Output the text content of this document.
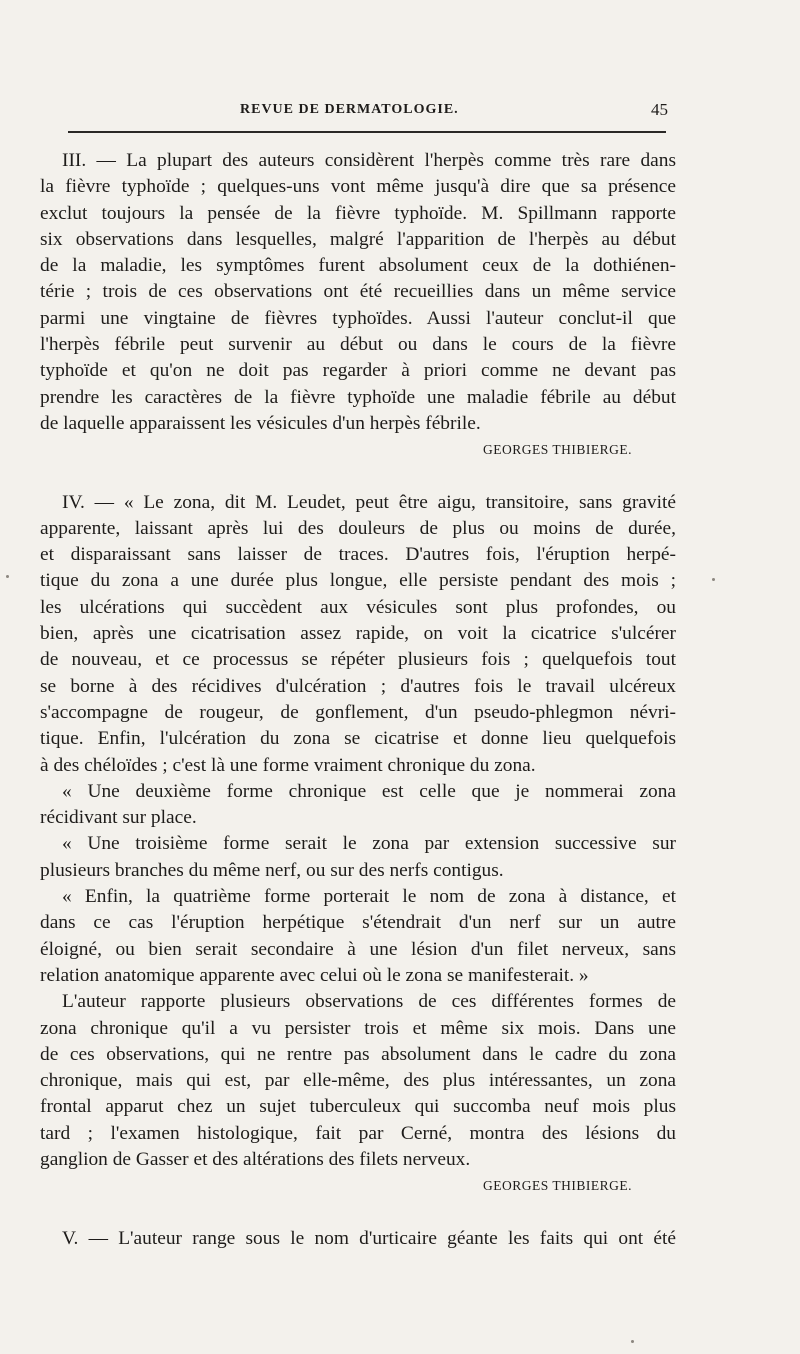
REVUE DE DERMATOLOGIE.	45
III. — La plupart des auteurs considèrent l'herpès comme très rare dans
la fièvre typhoïde ; quelques-uns vont même jusqu'à dire que sa présence
exclut toujours la pensée de la fièvre typhoïde. M. Spillmann rapporte
six observations dans lesquelles, malgré l'apparition de l'herpès au début
de la maladie, les symptômes furent absolument ceux de la dothiénen-
térie ; trois de ces observations ont été recueillies dans un même service
parmi une vingtaine de fièvres typhoïdes. Aussi l'auteur conclut-il que
l'herpès fébrile peut survenir au début ou dans le cours de la fièvre
typhoïde et qu'on ne doit pas regarder à priori comme ne devant pas
prendre les caractères de la fièvre typhoïde une maladie fébrile au début
de laquelle apparaissent les vésicules d'un herpès fébrile.
GEORGES THIBIERGE.
IV. — « Le zona, dit M. Leudet, peut être aigu, transitoire, sans gravité
apparente, laissant après lui des douleurs de plus ou moins de durée,
et disparaissant sans laisser de traces. D'autres fois, l'éruption herpé-
tique du zona a une durée plus longue, elle persiste pendant des mois ;
les ulcérations qui succèdent aux vésicules sont plus profondes, ou
bien, après une cicatrisation assez rapide, on voit la cicatrice s'ulcérer
de nouveau, et ce processus se répéter plusieurs fois ; quelquefois tout
se borne à des récidives d'ulcération ; d'autres fois le travail ulcéreux
s'accompagne de rougeur, de gonflement, d'un pseudo-phlegmon névri-
tique. Enfin, l'ulcération du zona se cicatrise et donne lieu quelquefois
à des chéloïdes ; c'est là une forme vraiment chronique du zona.
« Une deuxième forme chronique est celle que je nommerai zona
récidivant sur place.
« Une troisième forme serait le zona par extension successive sur
plusieurs branches du même nerf, ou sur des nerfs contigus.
« Enfin, la quatrième forme porterait le nom de zona à distance, et
dans ce cas l'éruption herpétique s'étendrait d'un nerf sur un autre
éloigné, ou bien serait secondaire à une lésion d'un filet nerveux, sans
relation anatomique apparente avec celui où le zona se manifesterait. »
L'auteur rapporte plusieurs observations de ces différentes formes de
zona chronique qu'il a vu persister trois et même six mois. Dans une
de ces observations, qui ne rentre pas absolument dans le cadre du zona
chronique, mais qui est, par elle-même, des plus intéressantes, un zona
frontal apparut chez un sujet tuberculeux qui succomba neuf mois plus
tard ; l'examen histologique, fait par Cerné, montra des lésions du
ganglion de Gasser et des altérations des filets nerveux.
GEORGES THIBIERGE.
V. — L'auteur range sous le nom d'urticaire géante les faits qui ont été
